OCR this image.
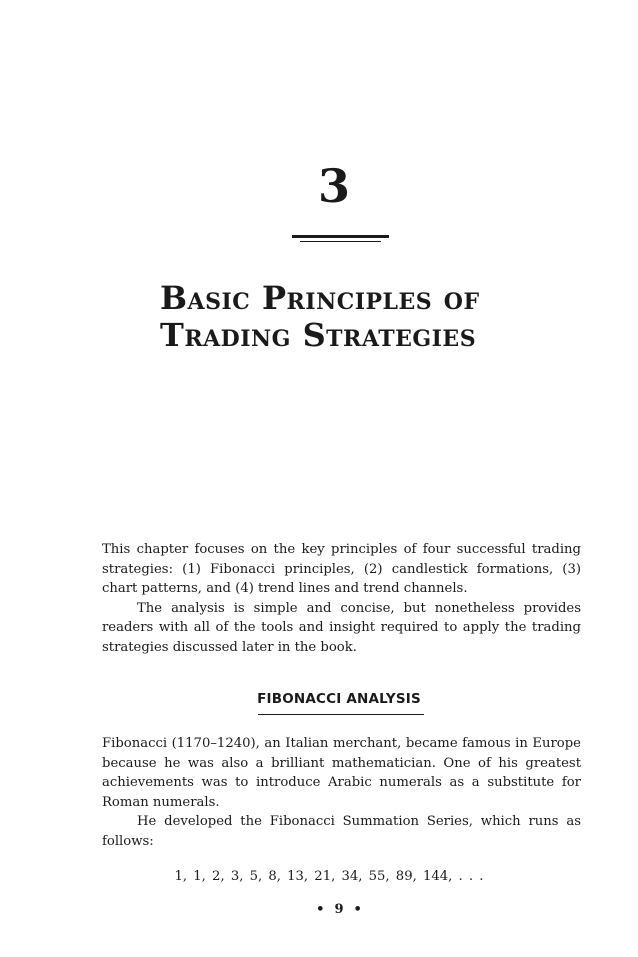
3
Basic Principles of
Trading Strategies

This chapter focuses on the key principles of four successful trading strategies: (1) Fibonacci principles, (2) candlestick formations, (3) chart patterns, and (4) trend lines and trend channels.

The analysis is simple and concise, but nonetheless provides readers with all of the tools and insight required to apply the trading strategies discussed later in the book.

FIBONACCI ANALYSIS

Fibonacci (1170–1240), an Italian merchant, became famous in Europe because he was also a brilliant mathematician. One of his greatest achievements was to introduce Arabic numerals as a substitute for Roman numerals.

He developed the Fibonacci Summation Series, which runs as follows:

1, 1, 2, 3, 5, 8, 13, 21, 34, 55, 89, 144, . . .
• 9 •
